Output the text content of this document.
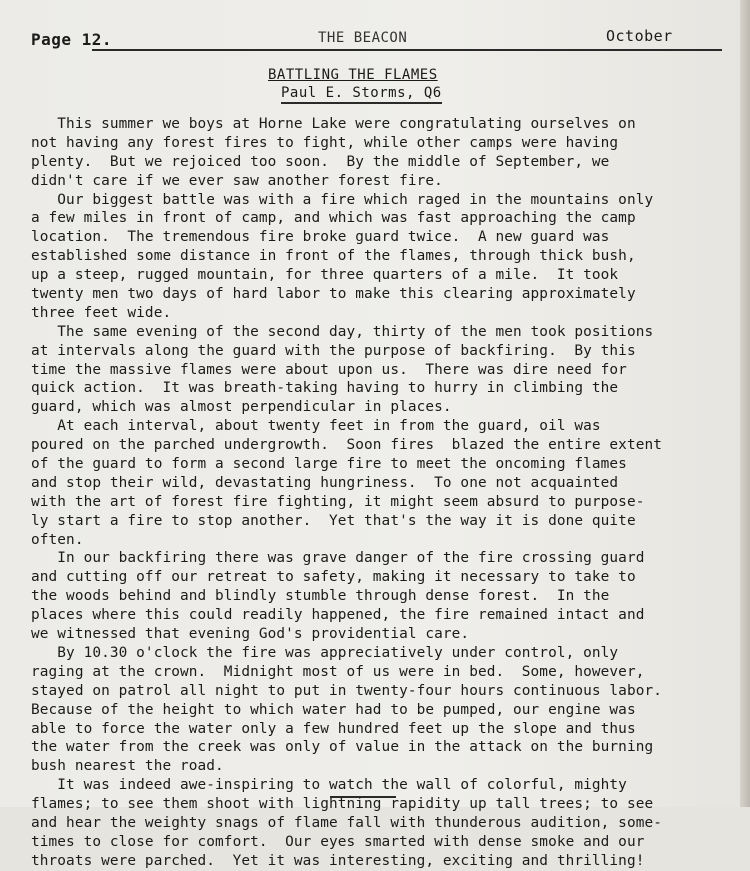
Page 12.	THE BEACON	October
BATTLING THE FLAMES
Paul E. Storms, Q6
This summer we boys at Horne Lake were congratulating ourselves on
not having any forest fires to fight, while other camps were having
plenty.  But we rejoiced too soon.  By the middle of September, we
didn't care if we ever saw another forest fire.
Our biggest battle was with a fire which raged in the mountains only
a few miles in front of camp, and which was fast approaching the camp
location.  The tremendous fire broke guard twice.  A new guard was
established some distance in front of the flames, through thick bush,
up a steep, rugged mountain, for three quarters of a mile.  It took
twenty men two days of hard labor to make this clearing approximately
three feet wide.
The same evening of the second day, thirty of the men took positions
at intervals along the guard with the purpose of backfiring.  By this
time the massive flames were about upon us.  There was dire need for
quick action.  It was breath-taking having to hurry in climbing the
guard, which was almost perpendicular in places.
At each interval, about twenty feet in from the guard, oil was
poured on the parched undergrowth.  Soon fires  blazed the entire extent
of the guard to form a second large fire to meet the oncoming flames
and stop their wild, devastating hungriness.  To one not acquainted
with the art of forest fire fighting, it might seem absurd to purpose-
ly start a fire to stop another.  Yet that's the way it is done quite
often.
In our backfiring there was grave danger of the fire crossing guard
and cutting off our retreat to safety, making it necessary to take to
the woods behind and blindly stumble through dense forest.  In the
places where this could readily happened, the fire remained intact and
we witnessed that evening God's providential care.
By 10.30 o'clock the fire was appreciatively under control, only
raging at the crown.  Midnight most of us were in bed.  Some, however,
stayed on patrol all night to put in twenty-four hours continuous labor.
Because of the height to which water had to be pumped, our engine was
able to force the water only a few hundred feet up the slope and thus
the water from the creek was only of value in the attack on the burning
bush nearest the road.
It was indeed awe-inspiring to watch the wall of colorful, mighty
flames; to see them shoot with lightning rapidity up tall trees; to see
and hear the weighty snags of flame fall with thunderous audition, some-
times to close for comfort.  Our eyes smarted with dense smoke and our
throats were parched.  Yet it was interesting, exciting and thrilling!
